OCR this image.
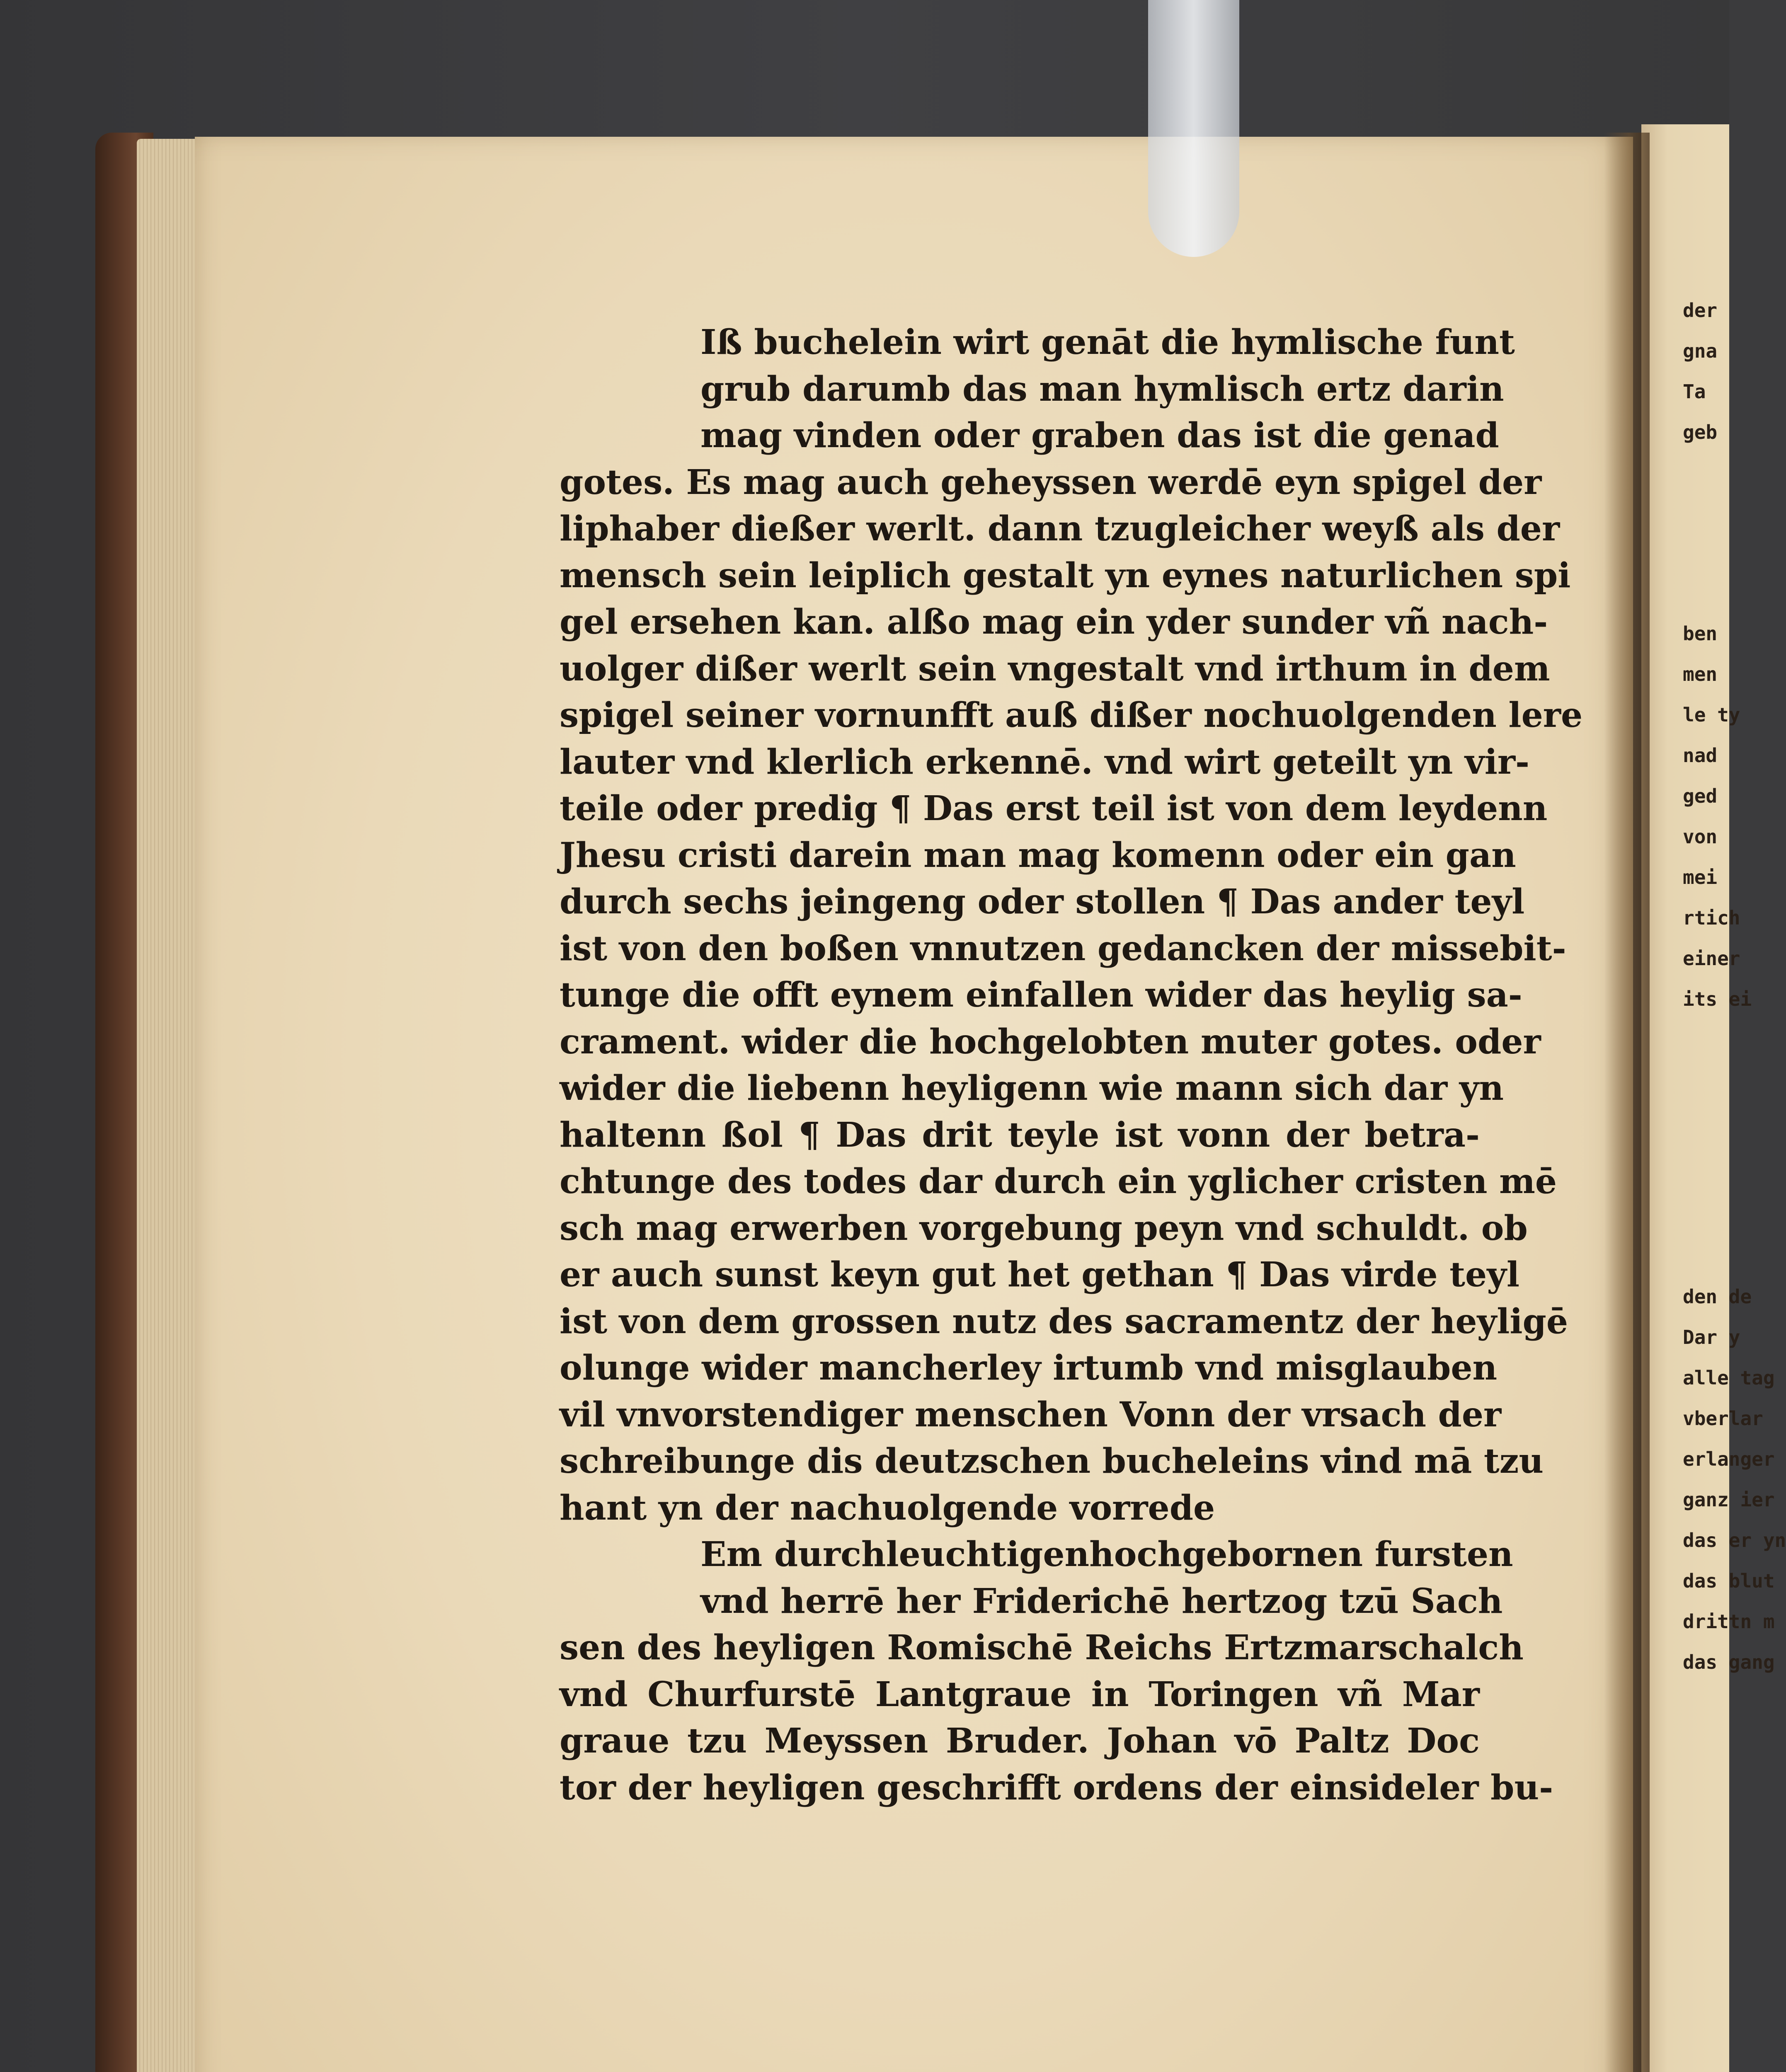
Iß buchelein wirt genāt die hymlische funt
grub darumb das man hymlisch ertz darin
mag vinden oder graben das ist die genad
gotes. Es mag auch geheyssen werdē eyn spigel der
liphaber dießer werlt. dann tzugleicher weyß als der
mensch sein leiplich gestalt yn eynes naturlichen spi
gel ersehen kan. alßo mag ein yder sunder vñ nach-
uolger dißer werlt sein vngestalt vnd irthum in dem
spigel seiner vornunfft auß dißer nochuolgenden lere
lauter vnd klerlich erkennē. vnd wirt geteilt yn vir-
teile oder predig ¶ Das erst teil ist von dem leydenn
Jhesu cristi darein man mag komenn oder ein gan
durch sechs jeingeng oder stollen ¶ Das ander teyl
ist von den boßen vnnutzen gedancken der missebit-
tunge die offt eynem einfallen wider das heylig sa-
crament. wider die hochgelobten muter gotes. oder
wider die liebenn heyligenn wie mann sich dar yn
haltenn ßol ¶ Das drit teyle ist vonn der betra-
chtunge des todes dar durch ein yglicher cristen mē
sch mag erwerben vorgebung peyn vnd schuldt. ob
er auch sunst keyn gut het gethan ¶ Das virde teyl
ist von dem grossen nutz des sacramentz der heyligē
olunge wider mancherley irtumb vnd misglauben
vil vnvorstendiger menschen Vonn der vrsach der
schreibunge dis deutzschen bucheleins vind mā tzu
hant yn der nachuolgende vorrede
Em durchleuchtigenhochgebornen fursten
vnd herrē her Friderichē hertzog tzū Sach
sen des heyligen Romischē Reichs Ertzmarschalch
vnd Churfurstē Lantgraue in Toringen vñ Mar
graue tzu Meyssen Bruder. Johan vō Paltz Doc
tor der heyligen geschrifft ordens der einsideler bu-
der
gna
Ta
geb
ben
men
le ty
nad
ged
von
mei
rtich
einer
its ei
den de
Dar y
alle tag
vberlar
erlanger
ganz ier
das er yn
das blut
drittn m
das gang
